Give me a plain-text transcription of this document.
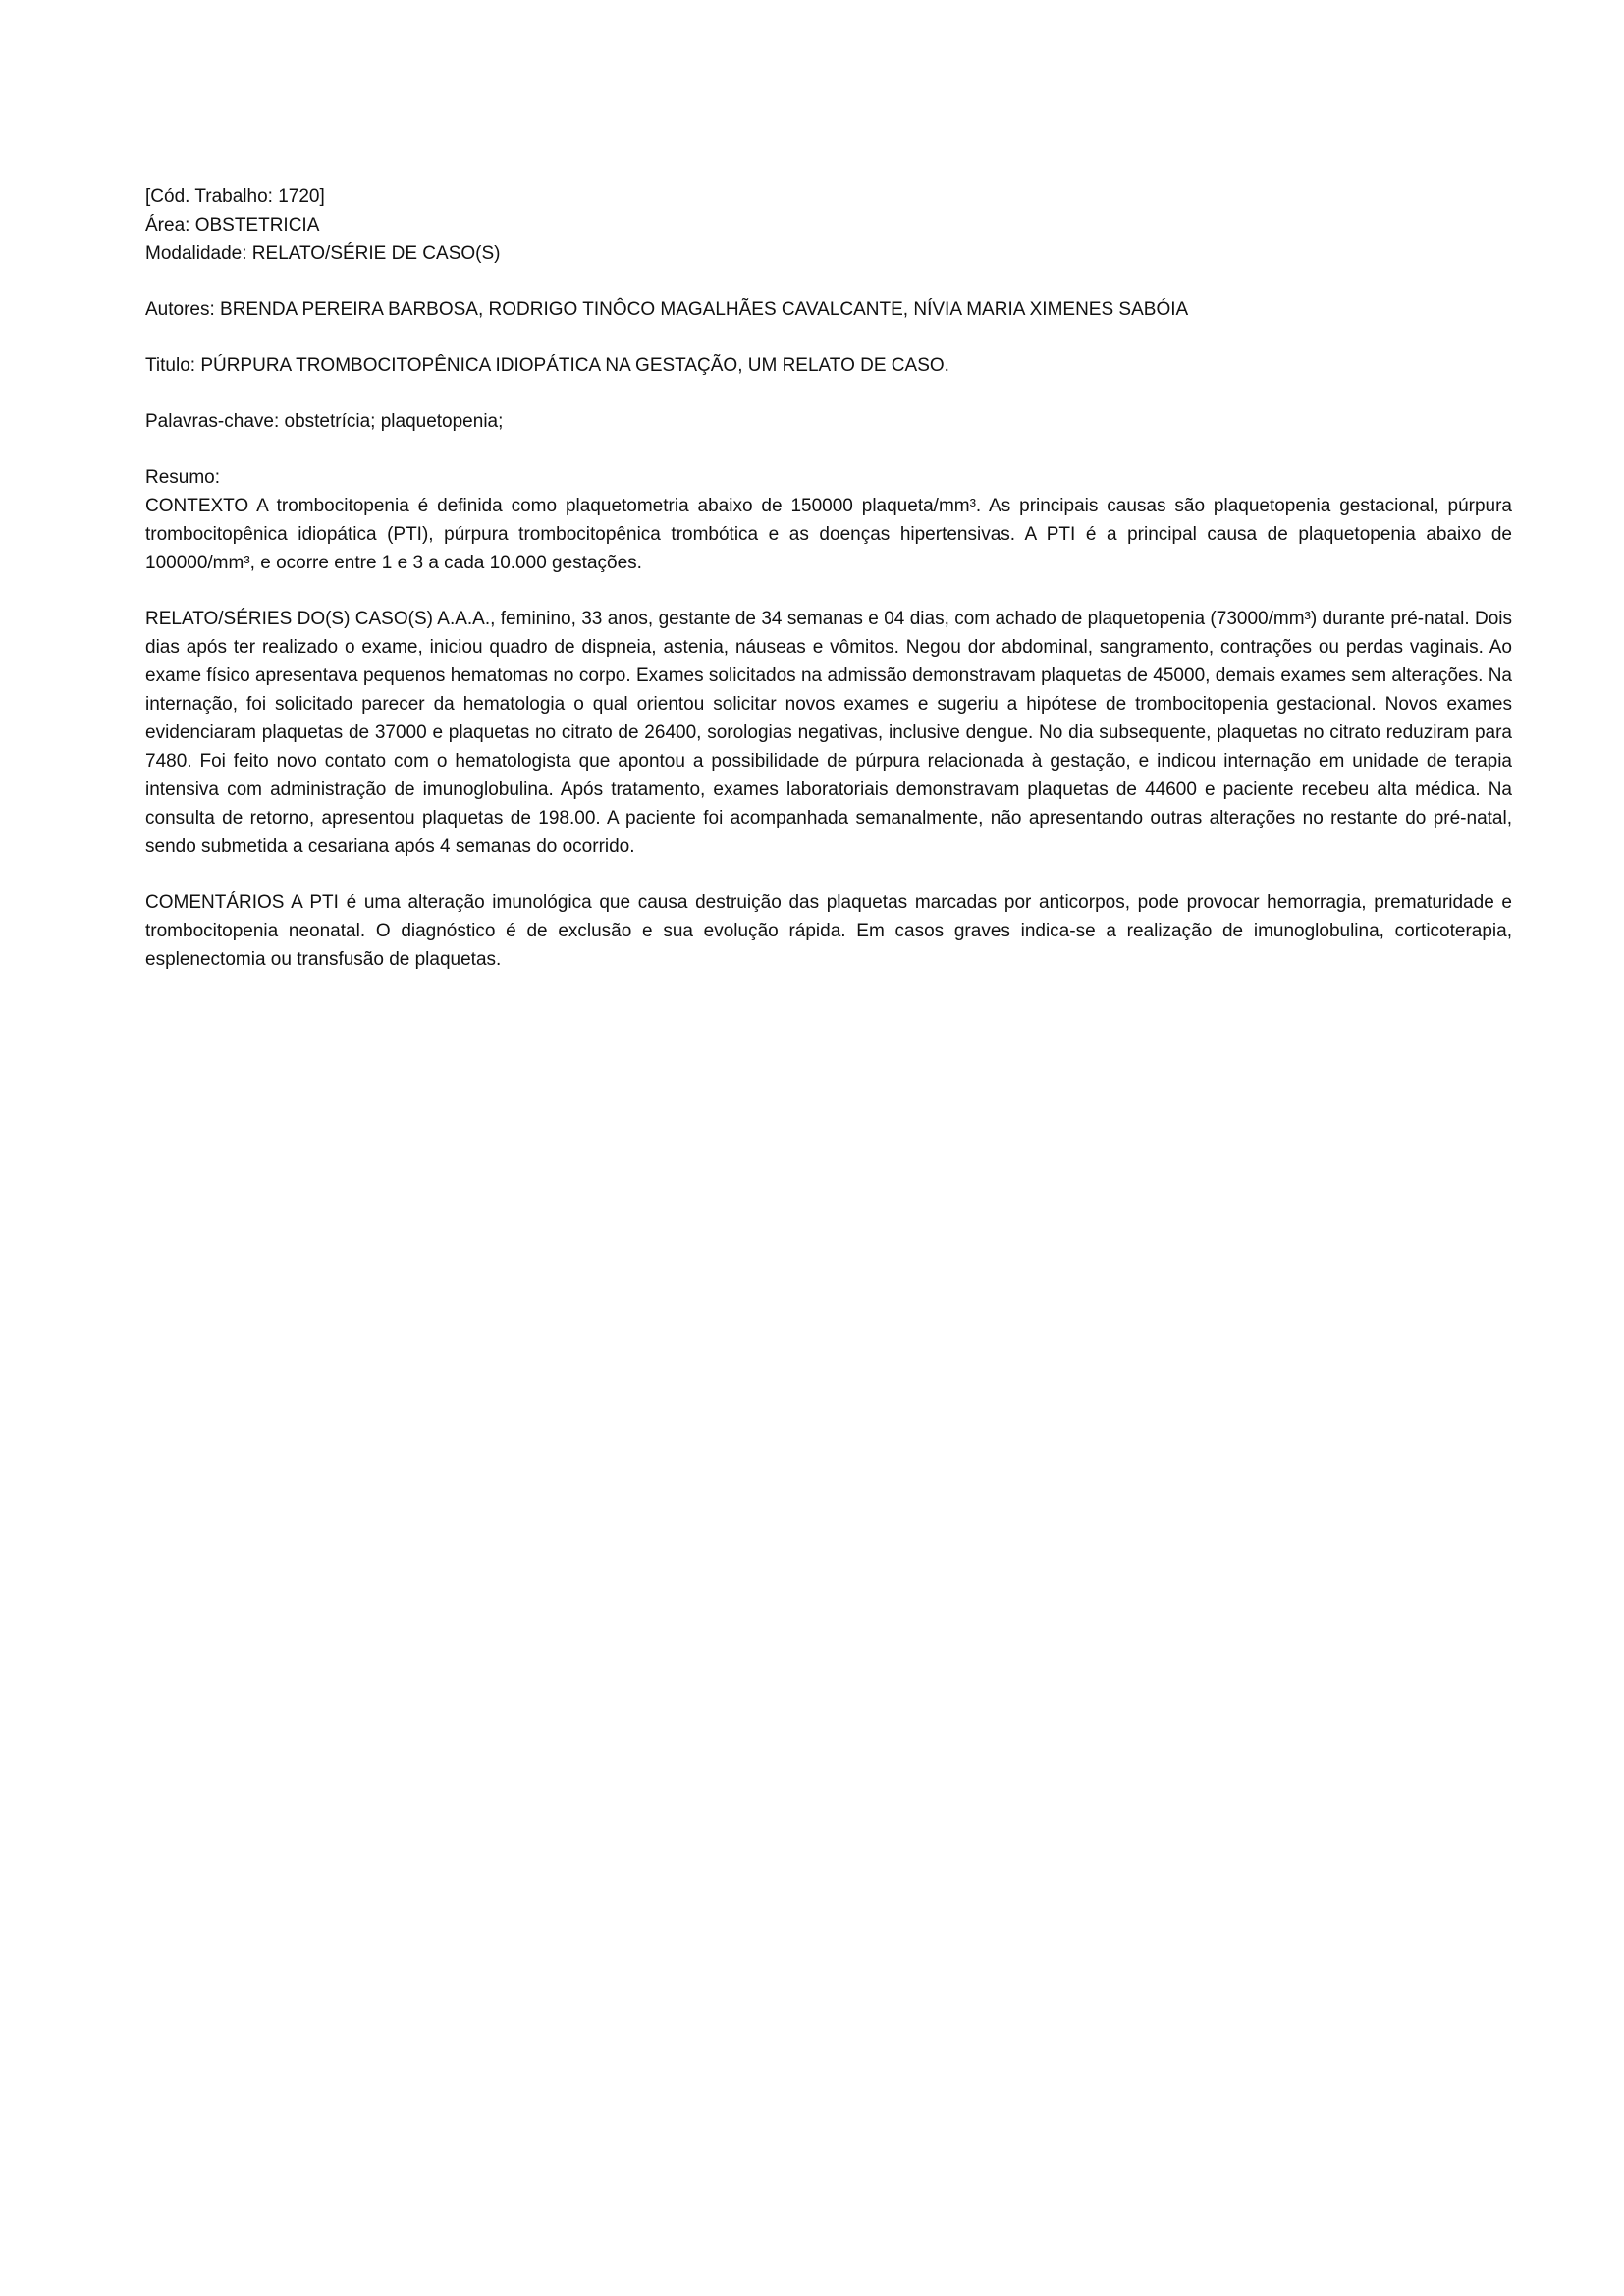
[Cód. Trabalho: 1720]
Área: OBSTETRICIA
Modalidade: RELATO/SÉRIE DE CASO(S)
Autores: BRENDA PEREIRA BARBOSA, RODRIGO TINÔCO MAGALHÃES CAVALCANTE, NÍVIA MARIA XIMENES SABÓIA
Titulo: PÚRPURA TROMBOCITOPÊNICA IDIOPÁTICA NA GESTAÇÃO, UM RELATO DE CASO.
Palavras-chave: obstetrícia; plaquetopenia;
Resumo:

CONTEXTO A trombocitopenia é definida como plaquetometria abaixo de 150000 plaqueta/mm³. As principais causas são plaquetopenia gestacional, púrpura trombocitopênica idiopática (PTI), púrpura trombocitopênica trombótica e as doenças hipertensivas. A PTI é a principal causa de plaquetopenia abaixo de 100000/mm³, e ocorre entre 1 e 3 a cada 10.000 gestações.

RELATO/SÉRIES DO(S) CASO(S) A.A.A., feminino, 33 anos, gestante de 34 semanas e 04 dias, com achado de plaquetopenia (73000/mm³) durante pré-natal. Dois dias após ter realizado o exame, iniciou quadro de dispneia, astenia, náuseas e vômitos. Negou dor abdominal, sangramento, contrações ou perdas vaginais. Ao exame físico apresentava pequenos hematomas no corpo. Exames solicitados na admissão demonstravam plaquetas de 45000, demais exames sem alterações. Na internação, foi solicitado parecer da hematologia o qual orientou solicitar novos exames e sugeriu a hipótese de trombocitopenia gestacional. Novos exames evidenciaram plaquetas de 37000 e plaquetas no citrato de 26400, sorologias negativas, inclusive dengue. No dia subsequente, plaquetas no citrato reduziram para 7480. Foi feito novo contato com o hematologista que apontou a possibilidade de púrpura relacionada à gestação, e indicou internação em unidade de terapia intensiva com administração de imunoglobulina. Após tratamento, exames laboratoriais demonstravam plaquetas de 44600 e paciente recebeu alta médica. Na consulta de retorno, apresentou plaquetas de 198.00. A paciente foi acompanhada semanalmente, não apresentando outras alterações no restante do pré-natal, sendo submetida a cesariana após 4 semanas do ocorrido.

COMENTÁRIOS A PTI é uma alteração imunológica que causa destruição das plaquetas marcadas por anticorpos, pode provocar hemorragia, prematuridade e trombocitopenia neonatal. O diagnóstico é de exclusão e sua evolução rápida. Em casos graves indica-se a realização de imunoglobulina, corticoterapia, esplenectomia ou transfusão de plaquetas.
